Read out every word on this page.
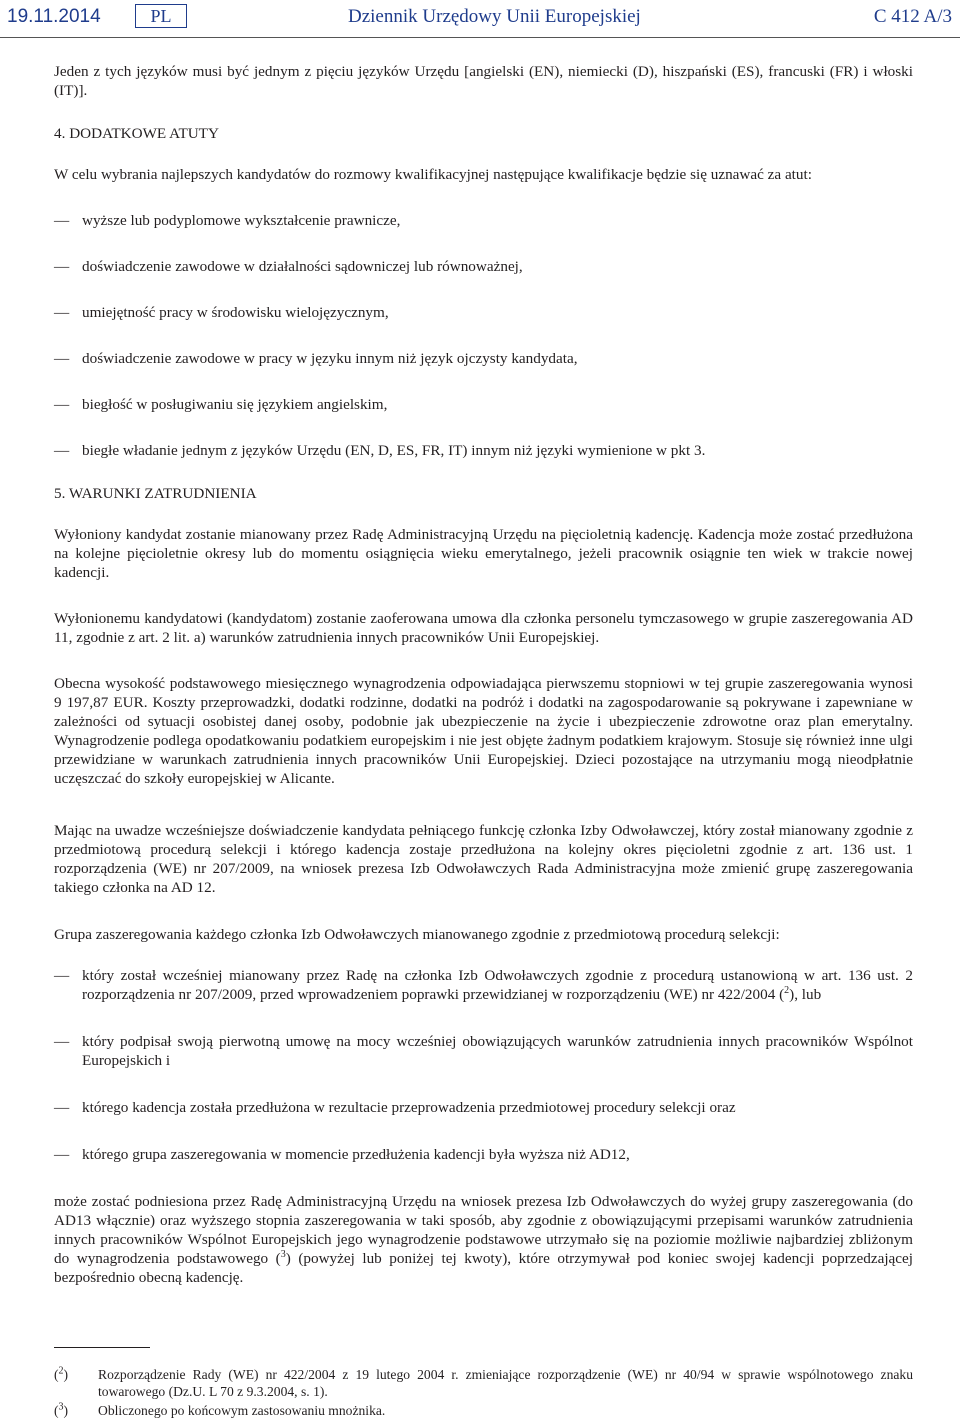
19.11.2014	PL	Dziennik Urzędowy Unii Europejskiej	C 412 A/3

Jeden z tych języków musi być jednym z pięciu języków Urzędu [angielski (EN), niemiecki (D), hiszpański (ES), francuski (FR) i włoski (IT)].

4. DODATKOWE ATUTY

W celu wybrania najlepszych kandydatów do rozmowy kwalifikacyjnej następujące kwalifikacje będzie się uznawać za atut:

— wyższe lub podyplomowe wykształcenie prawnicze,
— doświadczenie zawodowe w działalności sądowniczej lub równoważnej,
— umiejętność pracy w środowisku wielojęzycznym,
— doświadczenie zawodowe w pracy w języku innym niż język ojczysty kandydata,
— biegłość w posługiwaniu się językiem angielskim,
— biegłe władanie jednym z języków Urzędu (EN, D, ES, FR, IT) innym niż języki wymienione w pkt 3.

5. WARUNKI ZATRUDNIENIA

Wyłoniony kandydat zostanie mianowany przez Radę Administracyjną Urzędu na pięcioletnią kadencję. Kadencja może zostać przedłużona na kolejne pięcioletnie okresy lub do momentu osiągnięcia wieku emerytalnego, jeżeli pracownik osiągnie ten wiek w trakcie nowej kadencji.

Wyłonionemu kandydatowi (kandydatom) zostanie zaoferowana umowa dla członka personelu tymczasowego w grupie zaszeregowania AD 11, zgodnie z art. 2 lit. a) warunków zatrudnienia innych pracowników Unii Europejskiej.

Obecna wysokość podstawowego miesięcznego wynagrodzenia odpowiadająca pierwszemu stopniowi w tej grupie zaszeregowania wynosi 9 197,87 EUR. Koszty przeprowadzki, dodatki rodzinne, dodatki na podróż i dodatki na zagospodarowanie są pokrywane i zapewniane w zależności od sytuacji osobistej danej osoby, podobnie jak ubezpieczenie na życie i ubezpieczenie zdrowotne oraz plan emerytalny. Wynagrodzenie podlega opodatkowaniu podatkiem europejskim i nie jest objęte żadnym podatkiem krajowym. Stosuje się również inne ulgi przewidziane w warunkach zatrudnienia innych pracowników Unii Europejskiej. Dzieci pozostające na utrzymaniu mogą nieodpłatnie uczęszczać do szkoły europejskiej w Alicante.

Mając na uwadze wcześniejsze doświadczenie kandydata pełniącego funkcję członka Izby Odwoławczej, który został mianowany zgodnie z przedmiotową procedurą selekcji i którego kadencja zostaje przedłużona na kolejny okres pięcioletni zgodnie z art. 136 ust. 1 rozporządzenia (WE) nr 207/2009, na wniosek prezesa Izb Odwoławczych Rada Administracyjna może zmienić grupę zaszeregowania takiego członka na AD 12.

Grupa zaszeregowania każdego członka Izb Odwoławczych mianowanego zgodnie z przedmiotową procedurą selekcji:

— który został wcześniej mianowany przez Radę na członka Izb Odwoławczych zgodnie z procedurą ustanowioną w art. 136 ust. 2 rozporządzenia nr 207/2009, przed wprowadzeniem poprawki przewidzianej w rozporządzeniu (WE) nr 422/2004 ($^2$), lub
— który podpisał swoją pierwotną umowę na mocy wcześniej obowiązujących warunków zatrudnienia innych pracowników Wspólnot Europejskich i
— którego kadencja została przedłużona w rezultacie przeprowadzenia przedmiotowej procedury selekcji oraz
— którego grupa zaszeregowania w momencie przedłużenia kadencji była wyższa niż AD12,

może zostać podniesiona przez Radę Administracyjną Urzędu na wniosek prezesa Izb Odwoławczych do wyżej grupy zaszeregowania (do AD13 włącznie) oraz wyższego stopnia zaszeregowania w taki sposób, aby zgodnie z obowiązującymi przepisami warunków zatrudnienia innych pracowników Wspólnot Europejskich jego wynagrodzenie podstawowe utrzymało się na poziomie możliwie najbardziej zbliżonym do wynagrodzenia podstawowego ($^3$) (powyżej lub poniżej tej kwoty), które otrzymywał pod koniec swojej kadencji poprzedzającej bezpośrednio obecną kadencję.

($^2$) Rozporządzenie Rady (WE) nr 422/2004 z 19 lutego 2004 r. zmieniające rozporządzenie (WE) nr 40/94 w sprawie wspólnotowego znaku towarowego (Dz.U. L 70 z 9.3.2004, s. 1).
($^3$) Obliczonego po końcowym zastosowaniu mnożnika.
